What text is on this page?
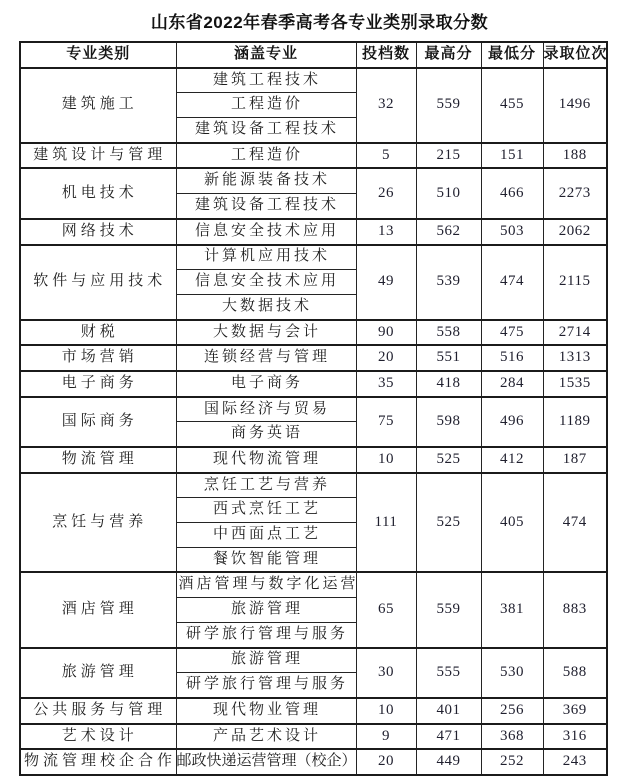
山东省2022年春季高考各专业类别录取分数
专业类别	涵盖专业	投档数	最高分	最低分	录取位次
建筑施工	建筑工程技术	32	559	455	1496
	工程造价				
	建筑设备工程技术				
建筑设计与管理	工程造价	5	215	151	188
机电技术	新能源装备技术	26	510	466	2273
	建筑设备工程技术				
网络技术	信息安全技术应用	13	562	503	2062
软件与应用技术	计算机应用技术	49	539	474	2115
	信息安全技术应用				
	大数据技术				
财税	大数据与会计	90	558	475	2714
市场营销	连锁经营与管理	20	551	516	1313
电子商务	电子商务	35	418	284	1535
国际商务	国际经济与贸易	75	598	496	1189
	商务英语				
物流管理	现代物流管理	10	525	412	187
烹饪与营养	烹饪工艺与营养	111	525	405	474
	西式烹饪工艺				
	中西面点工艺				
	餐饮智能管理				
酒店管理	酒店管理与数字化运营	65	559	381	883
	旅游管理				
	研学旅行管理与服务				
旅游管理	旅游管理	30	555	530	588
	研学旅行管理与服务				
公共服务与管理	现代物业管理	10	401	256	369
艺术设计	产品艺术设计	9	471	368	316
物流管理校企合作	邮政快递运营管理（校企）	20	449	252	243
